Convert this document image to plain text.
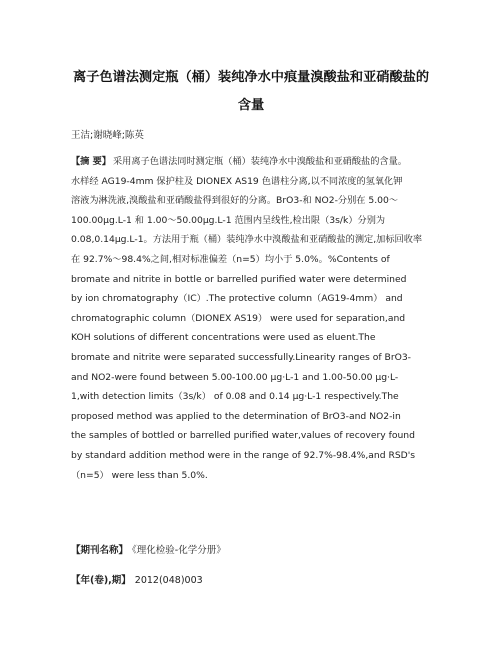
离子色谱法测定瓶（桶）装纯净水中痕量溴酸盐和亚硝酸盐的
含量
王洁;谢晓峰;陈英
【摘 要】 采用离子色谱法同时测定瓶（桶）装纯净水中溴酸盐和亚硝酸盐的含量。
水样经 AG19-4mm 保护柱及 DIONEX AS19 色谱柱分离,以不同浓度的氢氧化钾
溶液为淋洗液,溴酸盐和亚硝酸盐得到很好的分离。BrO3-和 NO2-分别在 5.00～
100.00μg.L-1 和 1.00～50.00μg.L-1 范围内呈线性,检出限（3s/k）分别为
0.08,0.14μg.L-1。方法用于瓶（桶）装纯净水中溴酸盐和亚硝酸盐的测定,加标回收率
在 92.7%～98.4%之间,相对标准偏差（n=5）均小于 5.0%。%Contents of
bromate and nitrite in bottle or barrelled purified water were determined
by ion chromatography（IC）.The protective column（AG19-4mm） and
chromatographic column（DIONEX AS19） were used for separation,and
KOH solutions of different concentrations were used as eluent.The
bromate and nitrite were separated successfully.Linearity ranges of BrO3-
and NO2-were found between 5.00-100.00 μg·L-1 and 1.00-50.00 μg·L-
1,with detection limits（3s/k） of 0.08 and 0.14 μg·L-1 respectively.The
proposed method was applied to the determination of BrO3-and NO2-in
the samples of bottled or barrelled purified water,values of recovery found
by standard addition method were in the range of 92.7%-98.4%,and RSD's
（n=5） were less than 5.0%.
【期刊名称】 《理化检验-化学分册》
【年(卷),期】 2012(048)003
